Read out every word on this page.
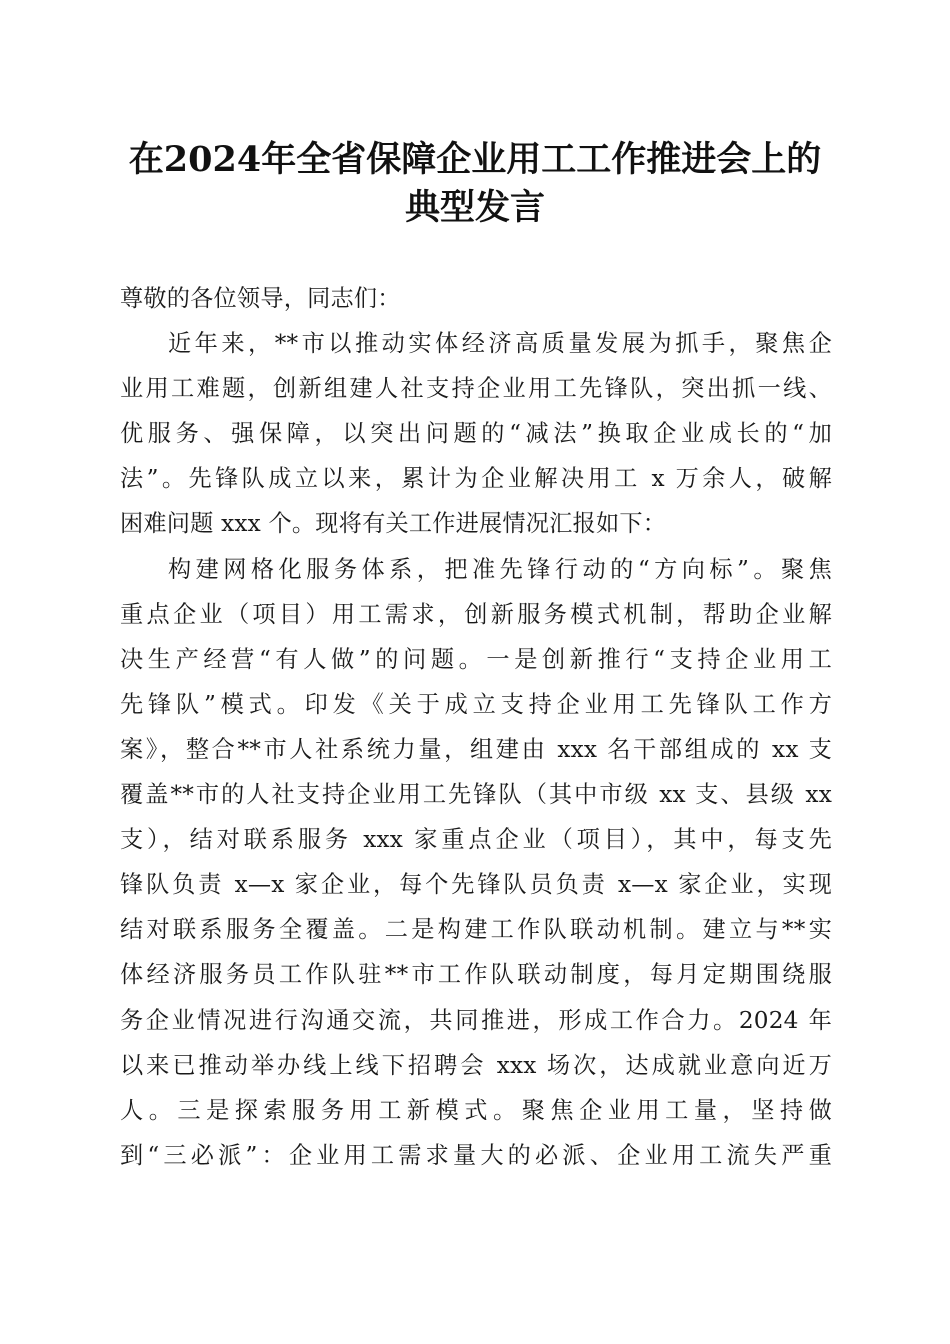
在2024年全省保障企业用工工作推进会上的
典型发言
尊敬的各位领导，同志们：
近年来，**市以推动实体经济高质量发展为抓手，聚焦企
业用工难题，创新组建人社支持企业用工先锋队，突出抓一线、
优服务、强保障，以突出问题的“减法”换取企业成长的“加
法”。先锋队成立以来，累计为企业解决用工 x 万余人，破解
困难问题 xxx 个。现将有关工作进展情况汇报如下：
构建网格化服务体系，把准先锋行动的“方向标”。聚焦
重点企业（项目）用工需求，创新服务模式机制，帮助企业解
决生产经营“有人做”的问题。一是创新推行“支持企业用工
先锋队”模式。印发《关于成立支持企业用工先锋队工作方
案》，整合**市人社系统力量，组建由 xxx 名干部组成的 xx 支
覆盖**市的人社支持企业用工先锋队（其中市级 xx 支、县级 xx
支），结对联系服务 xxx 家重点企业（项目），其中，每支先
锋队负责 x—x 家企业，每个先锋队员负责 x—x 家企业，实现
结对联系服务全覆盖。二是构建工作队联动机制。建立与**实
体经济服务员工作队驻**市工作队联动制度，每月定期围绕服
务企业情况进行沟通交流，共同推进，形成工作合力。2024 年
以来已推动举办线上线下招聘会 xxx 场次，达成就业意向近万
人。三是探索服务用工新模式。聚焦企业用工量，坚持做
到“三必派”：企业用工需求量大的必派、企业用工流失严重
